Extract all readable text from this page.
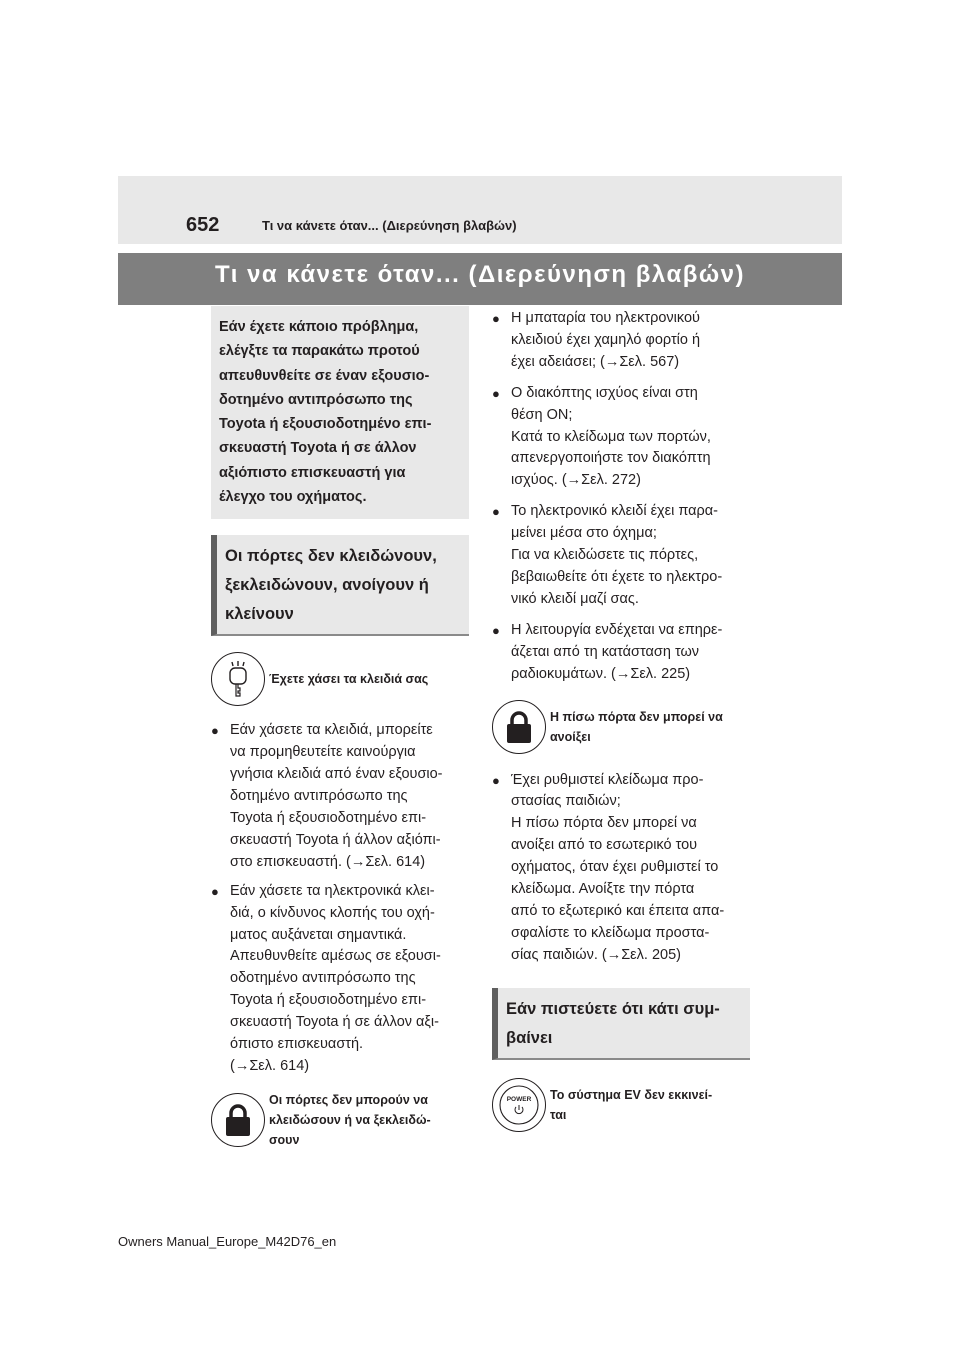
652	Τι να κάνετε όταν... (Διερεύνηση βλαβών)
Τι να κάνετε όταν... (Διερεύνηση βλαβών)
Εάν έχετε κάποιο πρόβλημα,
ελέγξτε τα παρακάτω προτού
απευθυνθείτε σε έναν εξουσιο-
δοτημένο αντιπρόσωπο της
Toyota ή εξουσιοδοτημένο επι-
σκευαστή Toyota ή σε άλλον
αξιόπιστο επισκευαστή για
έλεγχο του οχήματος.
Οι πόρτες δεν κλειδώνουν,
ξεκλειδώνουν, ανοίγουν ή
κλείνουν
Έχετε χάσει τα κλειδιά σας
● Εάν χάσετε τα κλειδιά, μπορείτε
να προμηθευτείτε καινούργια
γνήσια κλειδιά από έναν εξουσιο-
δοτημένο αντιπρόσωπο της
Toyota ή εξουσιοδοτημένο επι-
σκευαστή Toyota ή άλλον αξιόπι-
στο επισκευαστή. (→Σελ. 614)
● Εάν χάσετε τα ηλεκτρονικά κλει-
διά, ο κίνδυνος κλοπής του οχή-
ματος αυξάνεται σημαντικά.
Απευθυνθείτε αμέσως σε εξουσι-
οδοτημένο αντιπρόσωπο της
Toyota ή εξουσιοδοτημένο επι-
σκευαστή Toyota ή σε άλλον αξι-
όπιστο επισκευαστή.
(→Σελ. 614)
Οι πόρτες δεν μπορούν να
κλειδώσουν ή να ξεκλειδώ-
σουν
● Η μπαταρία του ηλεκτρονικού
κλειδιού έχει χαμηλό φορτίο ή
έχει αδειάσει; (→Σελ. 567)
● Ο διακόπτης ισχύος είναι στη
θέση ON;
Κατά το κλείδωμα των πορτών,
απενεργοποιήστε τον διακόπτη
ισχύος. (→Σελ. 272)
● Το ηλεκτρονικό κλειδί έχει παρα-
μείνει μέσα στο όχημα;
Για να κλειδώσετε τις πόρτες,
βεβαιωθείτε ότι έχετε το ηλεκτρο-
νικό κλειδί μαζί σας.
● Η λειτουργία ενδέχεται να επηρε-
άζεται από τη κατάσταση των
ραδιοκυμάτων. (→Σελ. 225)
Η πίσω πόρτα δεν μπορεί να
ανοίξει
● Έχει ρυθμιστεί κλείδωμα προ-
στασίας παιδιών;
Η πίσω πόρτα δεν μπορεί να
ανοίξει από το εσωτερικό του
οχήματος, όταν έχει ρυθμιστεί το
κλείδωμα. Ανοίξτε την πόρτα
από το εξωτερικό και έπειτα απα-
σφαλίστε το κλείδωμα προστα-
σίας παιδιών. (→Σελ. 205)
Εάν πιστεύετε ότι κάτι συμ-
βαίνει
POWER Το σύστημα EV δεν εκκινεί-
ται
Owners Manual_Europe_M42D76_en
